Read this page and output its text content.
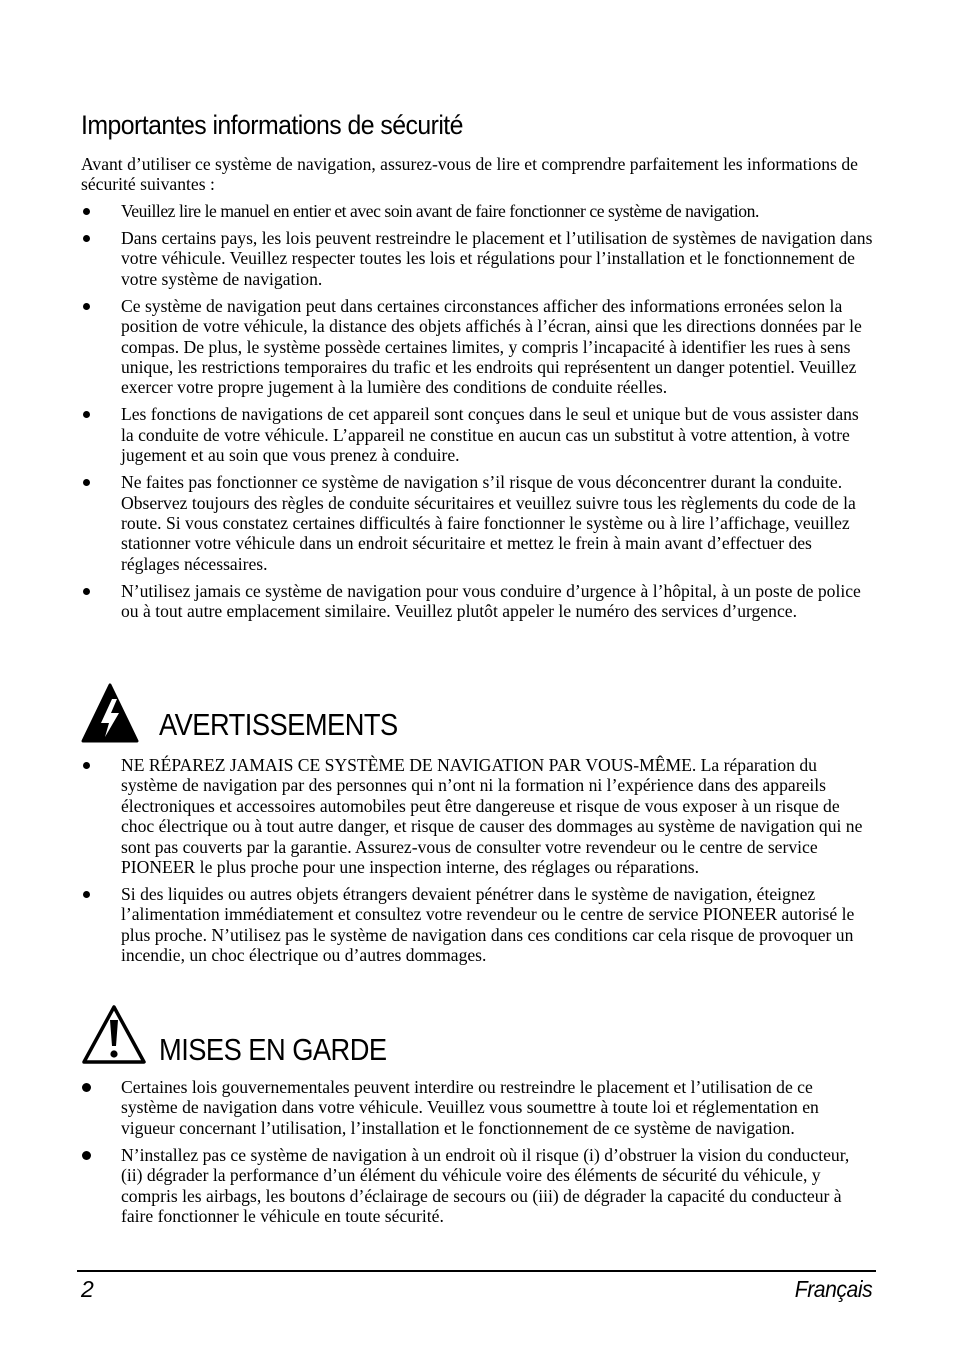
Importantes informations de sécurité

Avant d’utiliser ce système de navigation, assurez-vous de lire et comprendre parfaitement les informations de sécurité suivantes :

Veuillez lire le manuel en entier et avec soin avant de faire fonctionner ce système de navigation.
Dans certains pays, les lois peuvent restreindre le placement et l’utilisation de systèmes de navigation dans votre véhicule. Veuillez respecter toutes les lois et régulations pour l’installation et le fonctionnement de votre système de navigation.
Ce système de navigation peut dans certaines circonstances afficher des informations erronées selon la position de votre véhicule, la distance des objets affichés à l’écran, ainsi que les directions données par le compas. De plus, le système possède certaines limites, y compris l’incapacité à identifier les rues à sens unique, les restrictions temporaires du trafic et les endroits qui représentent un danger potentiel. Veuillez exercer votre propre jugement à la lumière des conditions de conduite réelles.
Les fonctions de navigations de cet appareil sont conçues dans le seul et unique but de vous assister dans la conduite de votre véhicule. L’appareil ne constitue en aucun cas un substitut à votre attention, à votre jugement et au soin que vous prenez à conduire.
Ne faites pas fonctionner ce système de navigation s’il risque de vous déconcentrer durant la conduite. Observez toujours des règles de conduite sécuritaires et veuillez suivre tous les règlements du code de la route. Si vous constatez certaines difficultés à faire fonctionner le système ou à lire l’affichage, veuillez stationner votre véhicule dans un endroit sécuritaire et mettez le frein à main avant d’effectuer des réglages nécessaires.
N’utilisez jamais ce système de navigation pour vous conduire d’urgence à l’hôpital, à un poste de police ou à tout autre emplacement similaire. Veuillez plutôt appeler le numéro des services d’urgence.
AVERTISSEMENTS
NE RÉPAREZ JAMAIS CE SYSTÈME DE NAVIGATION PAR VOUS-MÊME. La réparation du système de navigation par des personnes qui n’ont ni la formation ni l’expérience dans des appareils électroniques et accessoires automobiles peut être dangereuse et risque de vous exposer à un risque de choc électrique ou à tout autre danger, et risque de causer des dommages au système de navigation qui ne sont pas couverts par la garantie. Assurez-vous de consulter votre revendeur ou le centre de service PIONEER le plus proche pour une inspection interne, des réglages ou réparations.
Si des liquides ou autres objets étrangers devaient pénétrer dans le système de navigation, éteignez l’alimentation immédiatement et consultez votre revendeur ou le centre de service PIONEER autorisé le plus proche. N’utilisez pas le système de navigation dans ces conditions car cela risque de provoquer un incendie, un choc électrique ou d’autres dommages.
MISES EN GARDE
Certaines lois gouvernementales peuvent interdire ou restreindre le placement et l’utilisation de ce système de navigation dans votre véhicule. Veuillez vous soumettre à toute loi et réglementation en vigueur concernant l’utilisation, l’installation et le fonctionnement de ce système de navigation.
N’installez pas ce système de navigation à un endroit où il risque (i) d’obstruer la vision du conducteur, (ii) dégrader la performance d’un élément du véhicule voire des éléments de sécurité du véhicule, y compris les airbags, les boutons d’éclairage de secours ou (iii) de dégrader la capacité du conducteur à faire fonctionner le véhicule en toute sécurité.
2	Français
